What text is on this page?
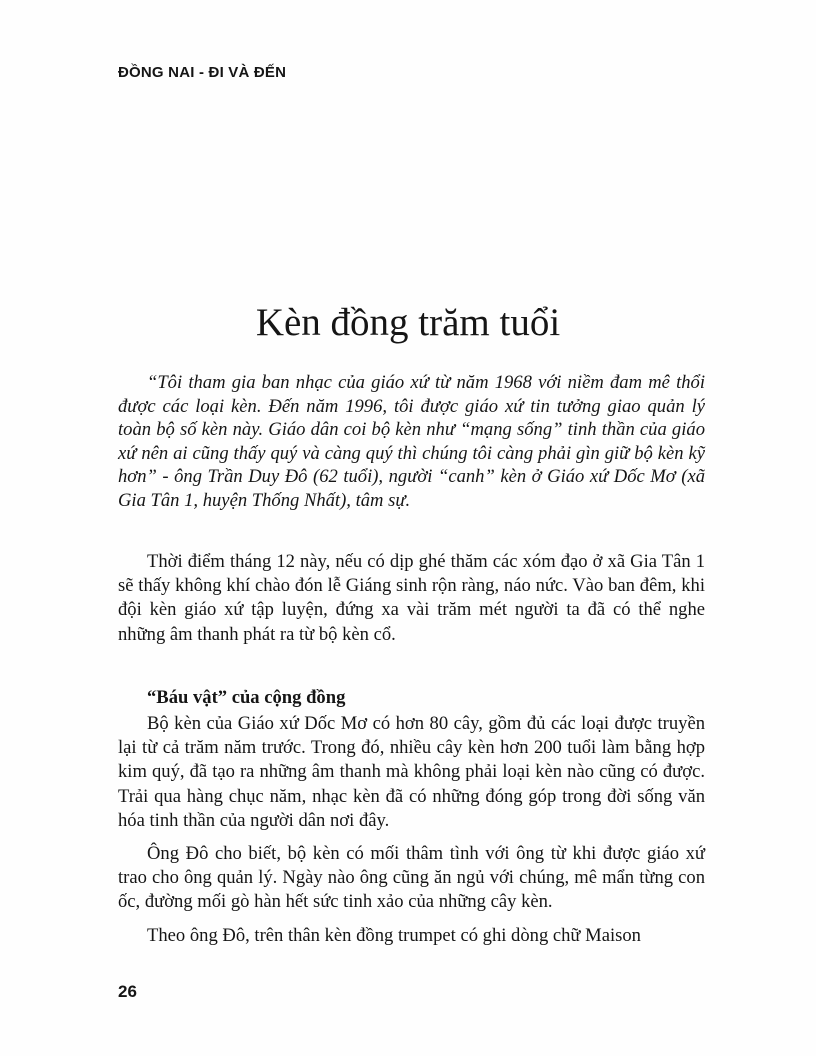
ĐỒNG NAI - ĐI VÀ ĐẾN
Kèn đồng trăm tuổi

“Tôi tham gia ban nhạc của giáo xứ từ năm 1968 với niềm đam mê thổi được các loại kèn. Đến năm 1996, tôi được giáo xứ tin tưởng giao quản lý toàn bộ số kèn này. Giáo dân coi bộ kèn như “mạng sống” tinh thần của giáo xứ nên ai cũng thấy quý và càng quý thì chúng tôi càng phải gìn giữ bộ kèn kỹ hơn” - ông Trần Duy Đô (62 tuổi), người “canh” kèn ở Giáo xứ Dốc Mơ (xã Gia Tân 1, huyện Thống Nhất), tâm sự.

Thời điểm tháng 12 này, nếu có dịp ghé thăm các xóm đạo ở xã Gia Tân 1 sẽ thấy không khí chào đón lễ Giáng sinh rộn ràng, náo nức. Vào ban đêm, khi đội kèn giáo xứ tập luyện, đứng xa vài trăm mét người ta đã có thể nghe những âm thanh phát ra từ bộ kèn cổ.

“Báu vật” của cộng đồng

Bộ kèn của Giáo xứ Dốc Mơ có hơn 80 cây, gồm đủ các loại được truyền lại từ cả trăm năm trước. Trong đó, nhiều cây kèn hơn 200 tuổi làm bằng hợp kim quý, đã tạo ra những âm thanh mà không phải loại kèn nào cũng có được. Trải qua hàng chục năm, nhạc kèn đã có những đóng góp trong đời sống văn hóa tinh thần của người dân nơi đây.

Ông Đô cho biết, bộ kèn có mối thâm tình với ông từ khi được giáo xứ trao cho ông quản lý. Ngày nào ông cũng ăn ngủ với chúng, mê mẩn từng con ốc, đường mối gò hàn hết sức tinh xảo của những cây kèn.

Theo ông Đô, trên thân kèn đồng trumpet có ghi dòng chữ Maison

26
